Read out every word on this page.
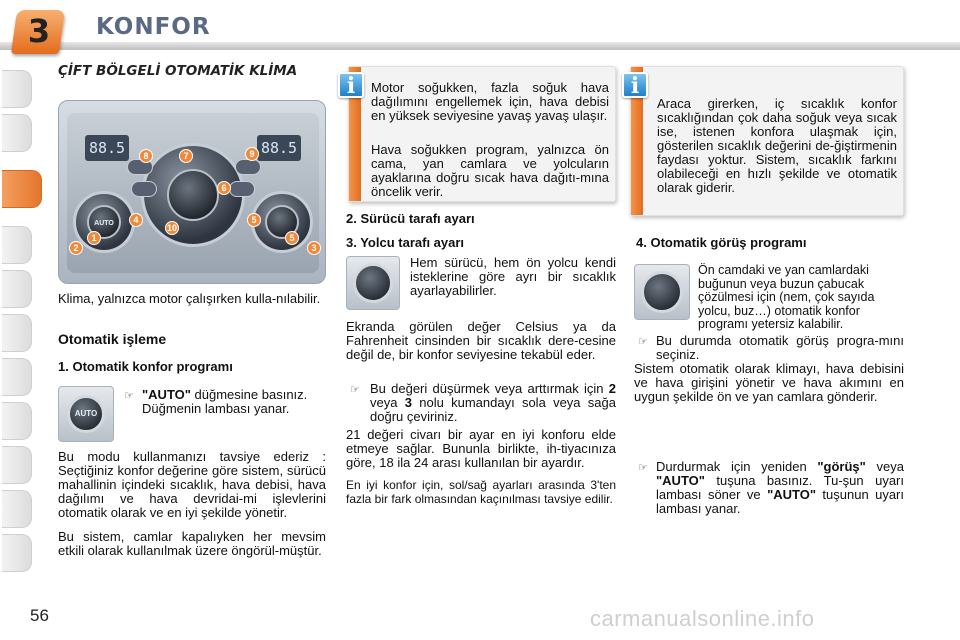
3 KONFOR
ÇİFT BÖLGELİ OTOMATİK KLİMA
88.5	88.5
AUTO
1
2	3
4
5
5
6
7
8	9
10
Klima, yalnızca motor çalışırken kulla-nılabilir.
Otomatik işleme
1. Otomatik konfor programı
AUTO
☞ "AUTO" düğmesine basınız. Düğmenin lambası yanar.
Bu modu kullanmanızı tavsiye ederiz : Seçtiğiniz konfor değerine göre sistem, sürücü mahallinin içindeki sıcaklık, hava debisi, hava dağılımı ve hava devridai-mi işlevlerini otomatik olarak ve en iyi şekilde yönetir.
Bu sistem, camlar kapalıyken her mevsim etkili olarak kullanılmak üzere öngörül-müştür.
Motor soğukken, fazla soğuk hava dağılımını engellemek için, hava debisi en yüksek seviyesine yavaş yavaş ulaşır.
Hava soğukken program, yalnızca ön cama, yan camlara ve yolcuların ayaklarına doğru sıcak hava dağıtı-mına öncelik verir.
i
Araca girerken, iç sıcaklık konfor sıcaklığından çok daha soğuk veya sıcak ise, istenen konfora ulaşmak için, gösterilen sıcaklık değerini de-ğiştirmenin faydası yoktur. Sistem, sıcaklık farkını olabileceği en hızlı şekilde ve otomatik olarak giderir.
i
2. Sürücü tarafı ayarı
3. Yolcu tarafı ayarı
Hem sürücü, hem ön yolcu kendi isteklerine göre ayrı bir sıcaklık ayarlayabilirler.
Ekranda görülen değer Celsius ya da Fahrenheit cinsinden bir sıcaklık dere-cesine değil de, bir konfor seviyesine tekabül eder.
☞ Bu değeri düşürmek veya arttırmak için 2 veya 3 nolu kumandayı sola veya sağa doğru çeviriniz.
21 değeri civarı bir ayar en iyi konforu elde etmeye sağlar. Bununla birlikte, ih-tiyacınıza göre, 18 ila 24 arası kullanılan bir ayardır.
En iyi konfor için, sol/sağ ayarları arasında 3'ten fazla bir fark olmasından kaçınılması tavsiye edilir.
4. Otomatik görüş programı
Ön camdaki ve yan camlardaki buğunun veya buzun çabucak çözülmesi için (nem, çok sayıda yolcu, buz…) otomatik konfor programı yetersiz kalabilir.
☞ Bu durumda otomatik görüş progra-mını seçiniz.
Sistem otomatik olarak klimayı, hava debisini ve hava girişini yönetir ve hava akımını en uygun şekilde ön ve yan camlara gönderir.
☞ Durdurmak için yeniden "görüş" veya "AUTO" tuşuna basınız. Tu-şun uyarı lambası söner ve "AUTO" tuşunun uyarı lambası yanar.
56	carmanualsonline.info
